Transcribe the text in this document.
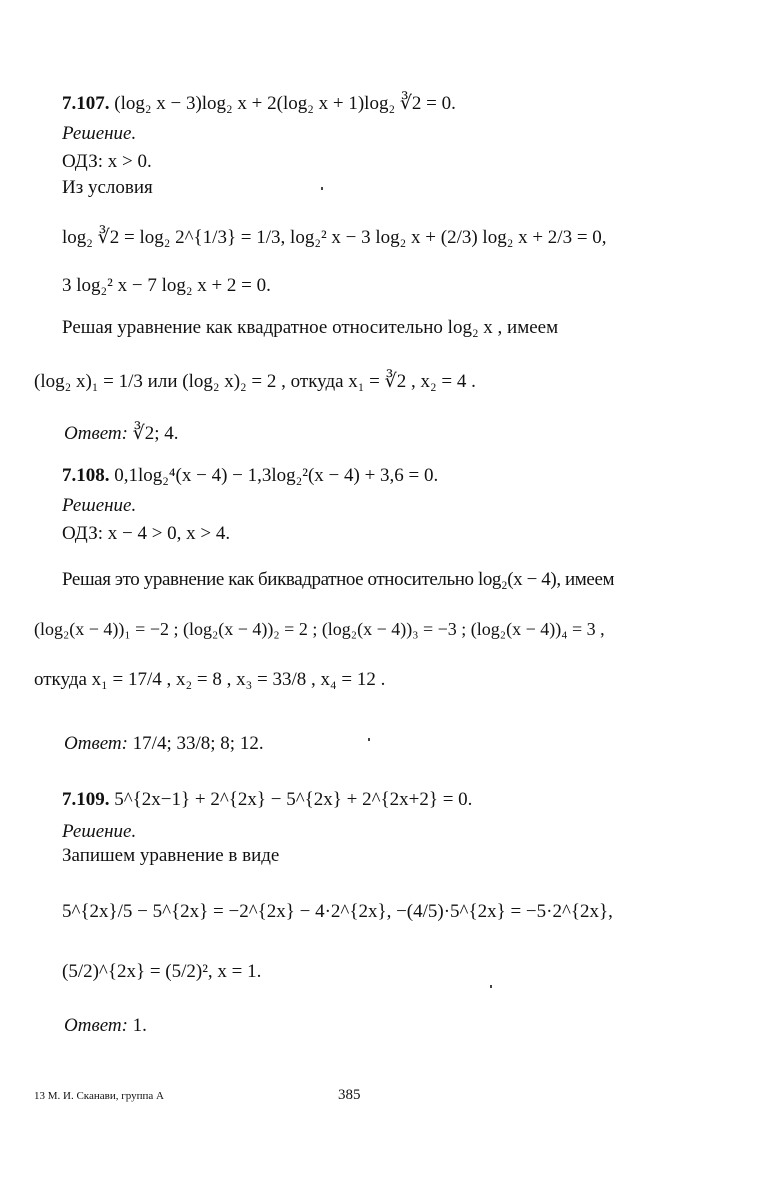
7.107. (log₂ x − 3)log₂ x + 2(log₂ x + 1)log₂ ∛2 = 0.
Решение.
ОДЗ: x > 0.
Из условия
log₂ ∛2 = log₂ 2^{1/3} = 1/3, log₂² x − 3 log₂ x + (2/3) log₂ x + 2/3 = 0,
3 log₂² x − 7 log₂ x + 2 = 0.
Решая уравнение как квадратное относительно log₂ x , имеем
(log₂ x)₁ = 1/3 или (log₂ x)₂ = 2 , откуда x₁ = ∛2 , x₂ = 4 .
Ответ: ∛2; 4.
7.108. 0,1log₂⁴(x − 4) − 1,3log₂²(x − 4) + 3,6 = 0.
Решение.
ОДЗ: x − 4 > 0, x > 4.
Решая это уравнение как биквадратное относительно log₂(x − 4), имеем
(log₂(x − 4))₁ = −2 ; (log₂(x − 4))₂ = 2 ; (log₂(x − 4))₃ = −3 ; (log₂(x − 4))₄ = 3 ,
откуда x₁ = 17/4 , x₂ = 8 , x₃ = 33/8 , x₄ = 12 .
Ответ: 17/4; 33/8; 8; 12.
7.109. 5^{2x−1} + 2^{2x} − 5^{2x} + 2^{2x+2} = 0.
Решение.
Запишем уравнение в виде
5^{2x}/5 − 5^{2x} = −2^{2x} − 4·2^{2x}, −(4/5)·5^{2x} = −5·2^{2x},
(5/2)^{2x} = (5/2)², x = 1.
Ответ: 1.
13 М. И. Сканави, группа А	385
